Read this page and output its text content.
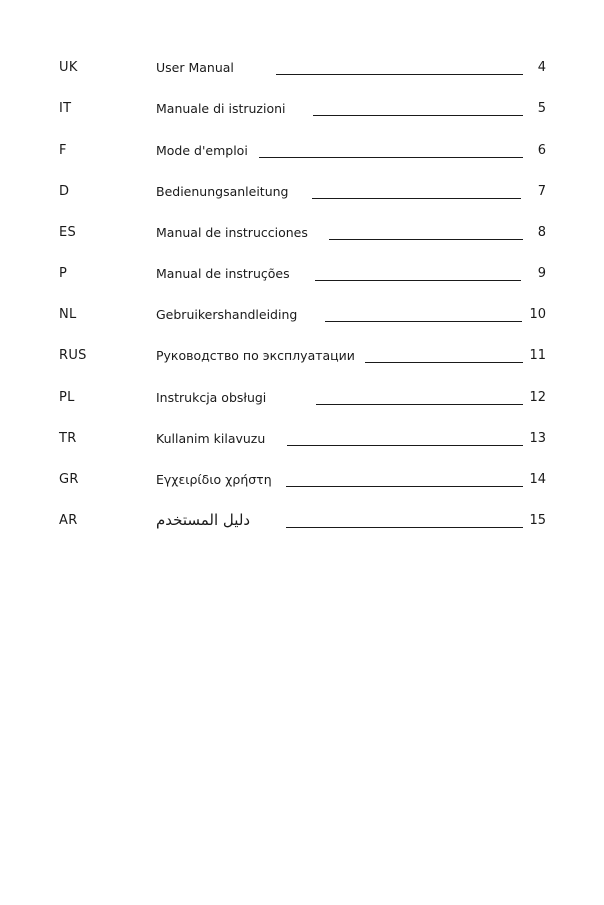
UK	User Manual	4
IT	Manuale di istruzioni	5
F	Mode d'emploi	6
D	Bedienungsanleitung	7
ES	Manual de instrucciones	8
P	Manual de instruções	9
NL	Gebruikershandleiding	10
RUS	Руководство по эксплуатации	11
PL	Instrukcja obsługi	12
TR	Kullanim kilavuzu	13
GR	Εγχειρίδιο χρήστη	14
AR	دليل المستخدم	15
